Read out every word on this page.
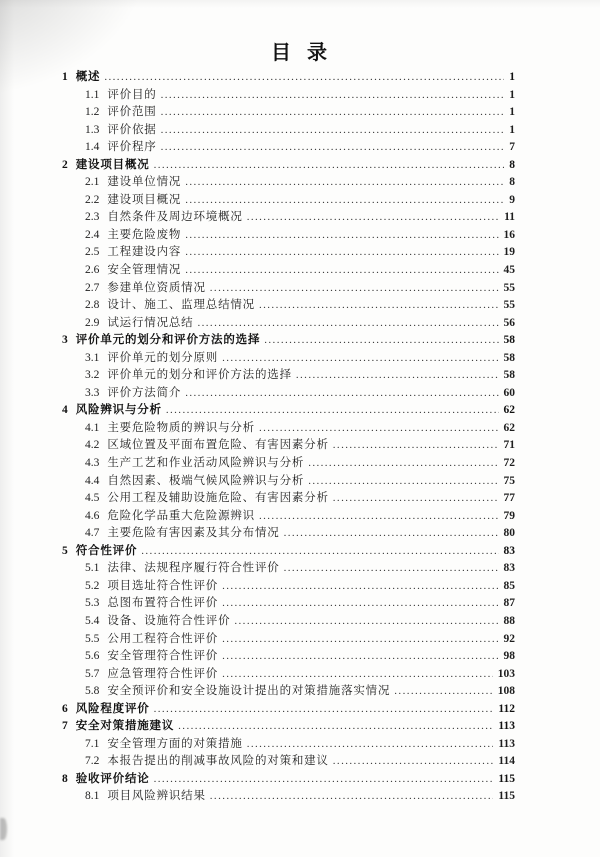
目  录
1 概述 .....	1
1.1 评价目的 .....	1
1.2 评价范围 .....	1
1.3 评价依据 .....	1
1.4 评价程序 .....	7
2 建设项目概况 .....	8
2.1 建设单位情况 .....	8
2.2 建设项目概况 .....	9
2.3 自然条件及周边环境概况 .....	11
2.4 主要危险废物 .....	16
2.5 工程建设内容 .....	19
2.6 安全管理情况 .....	45
2.7 参建单位资质情况 .....	55
2.8 设计、施工、监理总结情况 .....	55
2.9 试运行情况总结 .....	56
3 评价单元的划分和评价方法的选择 .....	58
3.1 评价单元的划分原则 .....	58
3.2 评价单元的划分和评价方法的选择 .....	58
3.3 评价方法简介 .....	60
4 风险辨识与分析 .....	62
4.1 主要危险物质的辨识与分析 .....	62
4.2 区域位置及平面布置危险、有害因素分析 .....	71
4.3 生产工艺和作业活动风险辨识与分析 .....	72
4.4 自然因素、极端气候风险辨识与分析 .....	75
4.5 公用工程及辅助设施危险、有害因素分析 .....	77
4.6 危险化学品重大危险源辨识 .....	79
4.7 主要危险有害因素及其分布情况 .....	80
5 符合性评价 .....	83
5.1 法律、法规程序履行符合性评价 .....	83
5.2 项目选址符合性评价 .....	85
5.3 总图布置符合性评价 .....	87
5.4 设备、设施符合性评价 .....	88
5.5 公用工程符合性评价 .....	92
5.6 安全管理符合性评价 .....	98
5.7 应急管理符合性评价 .....	103
5.8 安全预评价和安全设施设计提出的对策措施落实情况 .....	108
6 风险程度评价 .....	112
7 安全对策措施建议 .....	113
7.1 安全管理方面的对策措施 .....	113
7.2 本报告提出的削减事故风险的对策和建议 .....	114
8 验收评价结论 .....	115
8.1 项目风险辨识结果 .....	115
